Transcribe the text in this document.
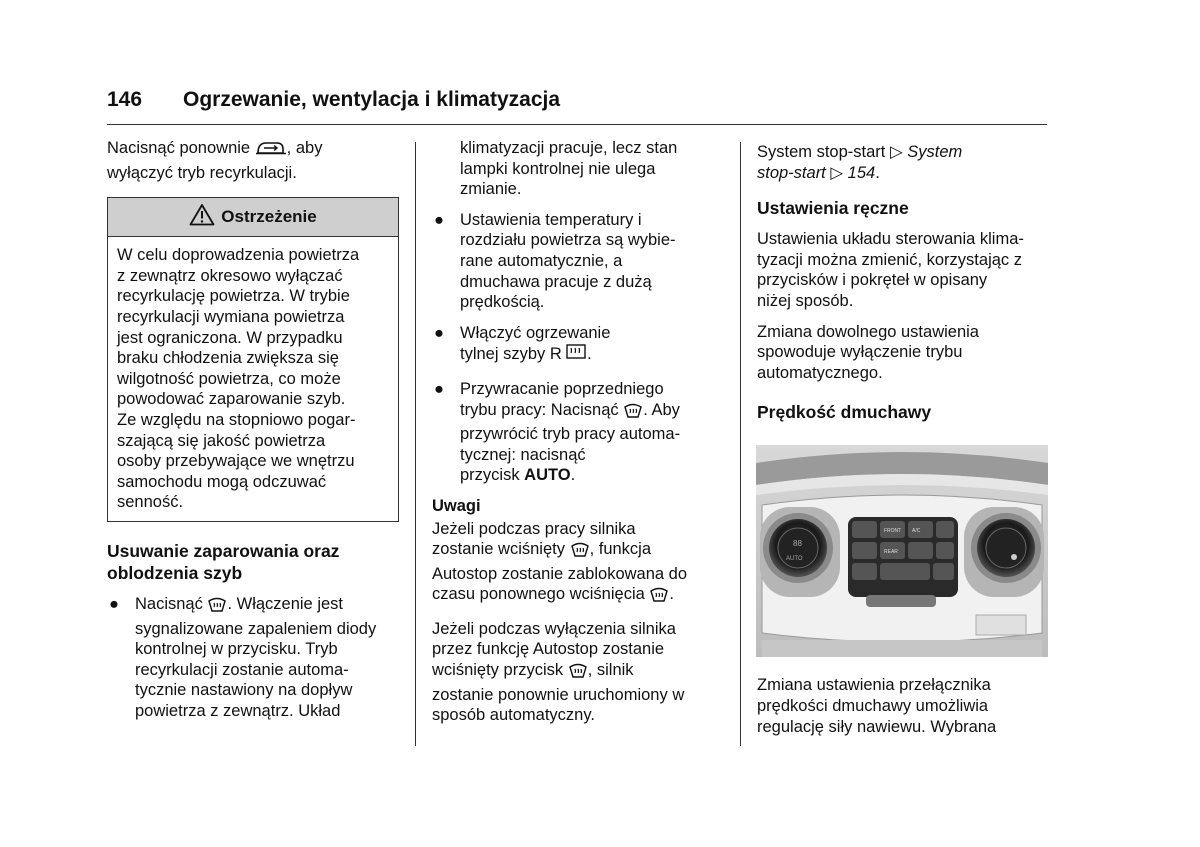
146 Ogrzewanie, wentylacja i klimatyzacja

Nacisnąć ponownie , aby
wyłączyć tryb recyrkulacji.

Ostrzeżenie
W celu doprowadzenia powietrza
z zewnątrz okresowo wyłączać
recyrkulację powietrza. W trybie
recyrkulacji wymiana powietrza
jest ograniczona. W przypadku
braku chłodzenia zwiększa się
wilgotność powietrza, co może
powodować zaparowanie szyb.
Ze względu na stopniowo pogar-
szającą się jakość powietrza
osoby przebywające we wnętrzu
samochodu mogą odczuwać
senność.
Usuwanie zaparowania oraz
oblodzenia szyb
● Nacisnąć . Włączenie jest
sygnalizowane zapaleniem diody
kontrolnej w przycisku. Tryb
recyrkulacji zostanie automa-
tycznie nastawiony na dopływ
powietrza z zewnątrz. Układ
klimatyzacji pracuje, lecz stan
lampki kontrolnej nie ulega
zmianie.
● Ustawienia temperatury i
rozdziału powietrza są wybie-
rane automatycznie, a
dmuchawa pracuje z dużą
prędkością.
● Włączyć ogrzewanie
tylnej szyby R  .
● Przywracanie poprzedniego
trybu pracy: Nacisnąć . Aby
przywrócić tryb pracy automa-
tycznej: nacisnąć
przycisk AUTO.
Uwagi

Jeżeli podczas pracy silnika
zostanie wciśnięty , funkcja
Autostop zostanie zablokowana do
czasu ponownego wciśnięcia .

Jeżeli podczas wyłączenia silnika
przez funkcję Autostop zostanie
wciśnięty przycisk , silnik
zostanie ponownie uruchomiony w
sposób automatyczny.

System stop-start ▷ System
stop-start ▷ 154.

Ustawienia ręczne

Ustawienia układu sterowania klima-
tyzacji można zmienić, korzystając z
przycisków i pokręteł w opisany
niżej sposób.

Zmiana dowolnego ustawienia
spowoduje wyłączenie trybu
automatycznego.

Prędkość dmuchawy
88
AUTO
FRONT
REAR
A/C

Zmiana ustawienia przełącznika
prędkości dmuchawy umożliwia
regulację siły nawiewu. Wybrana
